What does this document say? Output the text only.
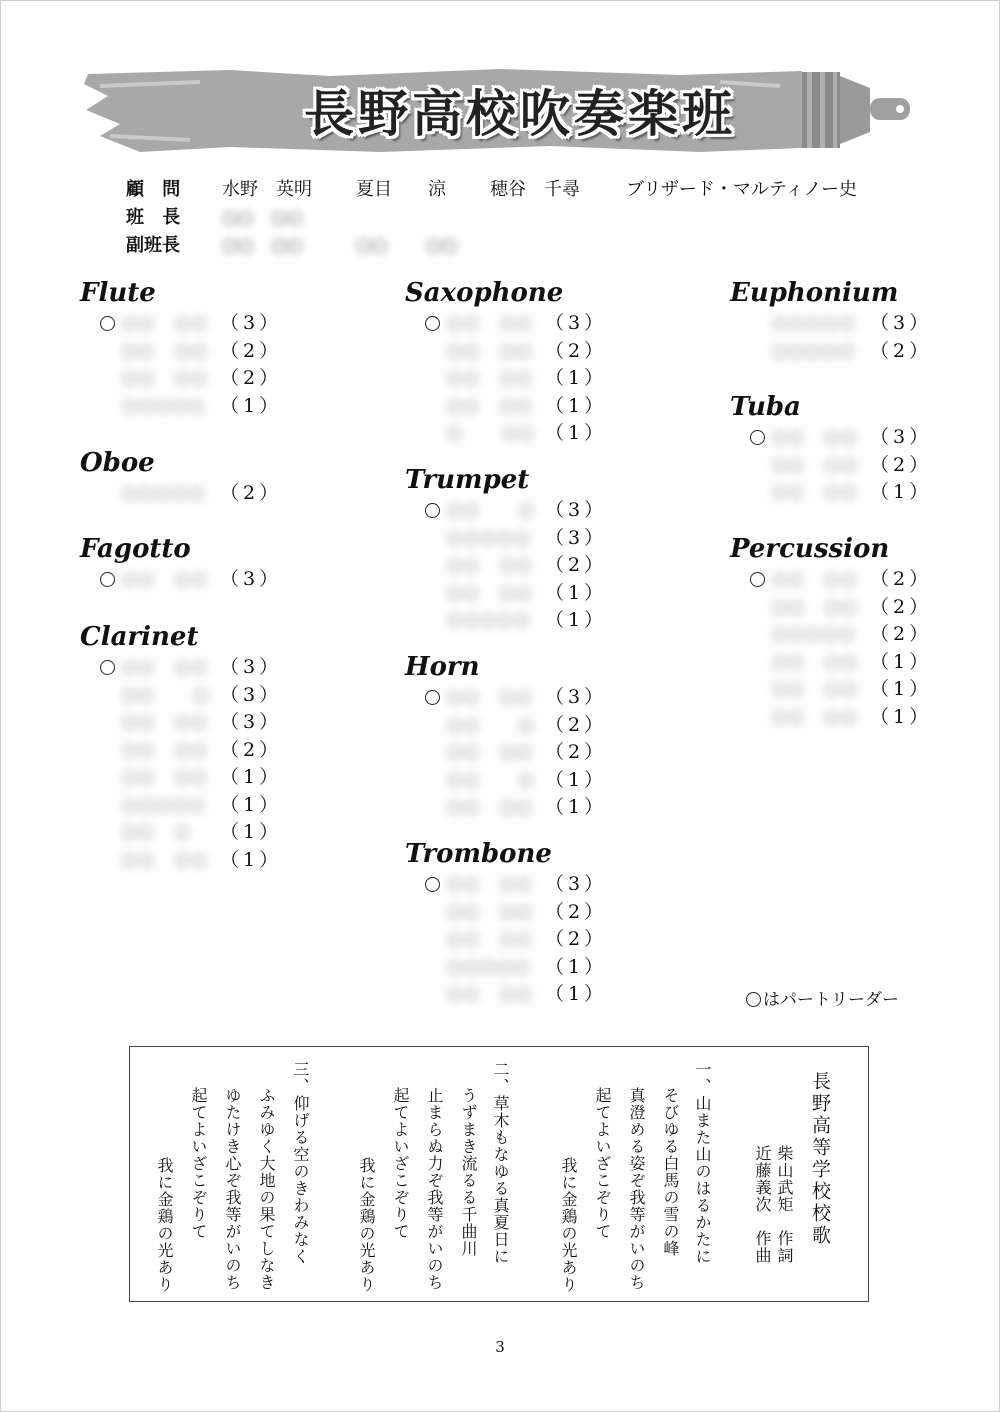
長野高校吹奏楽班
顧 問	水野　英明 夏目　　涼 穂谷　千尋	ブリザード・マルティノー史
班 長	○○　○○
副班長	○○　○○	○○ ○○
Flute
○○　○○ （3）
○○　○○ （2）
○○　○○ （2）
○○○○○ （1）
Oboe
○○○○○ （2）
Fagotto
○○　○○ （3）
Clarinet
○○　○○ （3）
○○　　○ （3）
○○　○○ （3）
○○　○○ （2）
○○　○○ （1）
○○○○○ （1）
○○　○	（1）
○○　○○ （1）
Saxophone
○○　○○ （3）
○○　○○ （2）
○○　○○ （1）
○○　○○ （1）
○　　○○ （1）
Trumpet
○○　　○ （3）
○○○○○ （3）
○○　○○ （2）
○○　○○ （1）
○○○○○ （1）
Horn
○○　○○ （3）
○○　　○ （2）
○○　○○ （2）
○○　　○ （1）
○○　○○ （1）
Trombone
○○　○○ （3）
○○　○○ （2）
○○　○○ （2）
○○○○○ （1）
○○　○○ （1）
Euphonium
○○○○○ （3）
○○○○○ （2）
Tuba
○○　○○ （3）
○○　○○ （2）
○○　○○ （1）
Percussion
○○　○○ （2）
○○　○○ （2）
○○○○○ （2）
○○　○○ （1）
○○　○○ （1）
○○　○○ （1）
はパートリーダー
長野高等学校校歌
柴山武矩　作詞
近藤義次　作曲
一、山また山のはるかたに
そびゆる白馬の雪の峰
真澄める姿ぞ我等がいのち
起てよいざこぞりて
我に金鶏の光あり
二、草木もなゆる真夏日に
うずまき流るる千曲川
止まらぬ力ぞ我等がいのち
起てよいざこぞりて
我に金鶏の光あり
三、仰げる空のきわみなく
ふみゆく大地の果てしなき
ゆたけき心ぞ我等がいのち
起てよいざこぞりて
我に金鶏の光あり
3
